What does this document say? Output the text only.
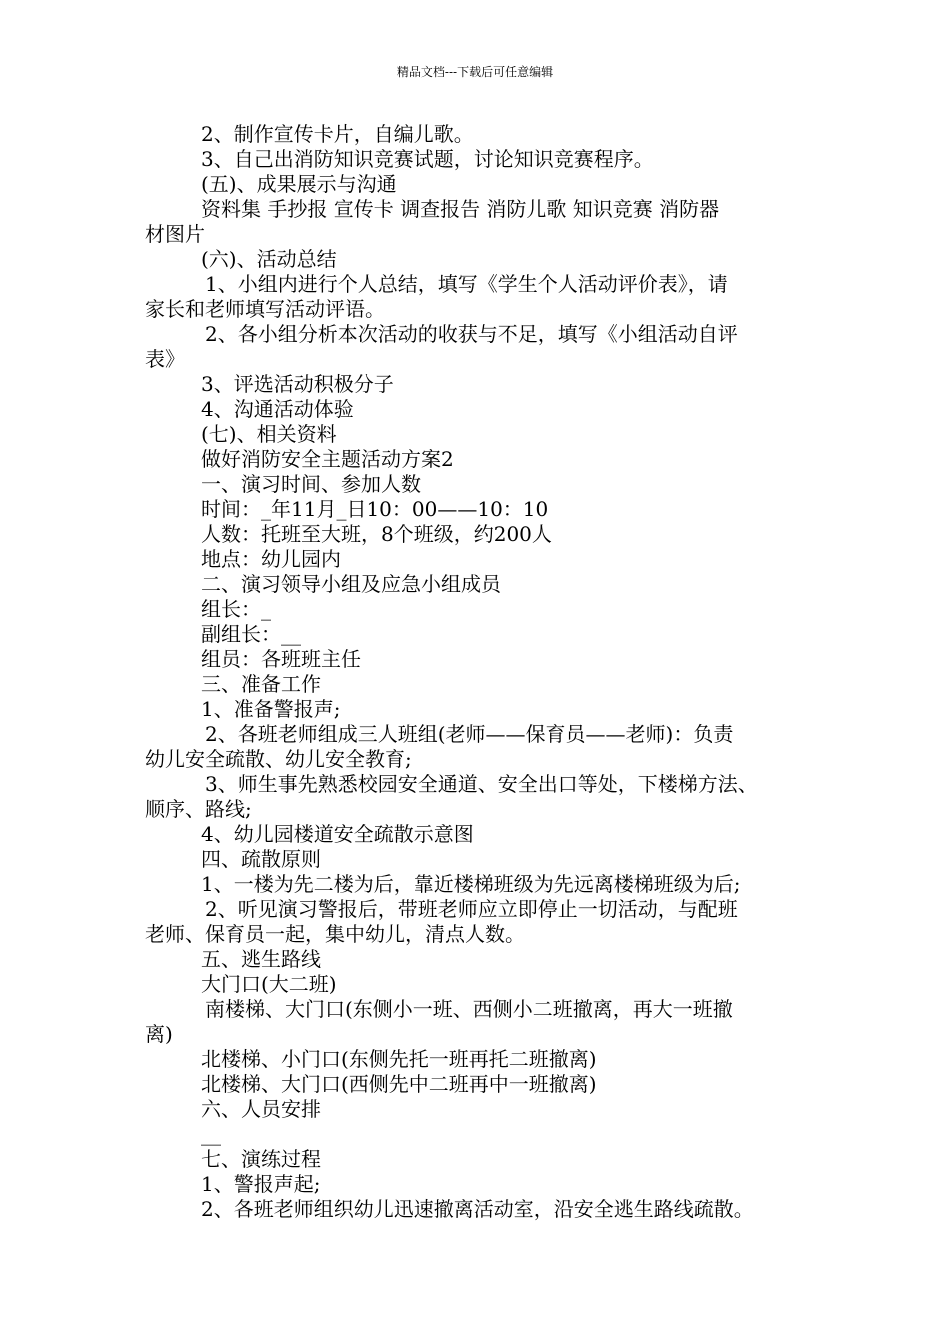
精品文档---下载后可任意编辑
2、制作宣传卡片，自编儿歌。
3、自己出消防知识竞赛试题，讨论知识竞赛程序。
(五)、成果展示与沟通
资料集 手抄报 宣传卡 调查报告 消防儿歌 知识竞赛 消防器
材图片
(六)、活动总结
1、小组内进行个人总结，填写《学生个人活动评价表》，请
家长和老师填写活动评语。
2、各小组分析本次活动的收获与不足，填写《小组活动自评
表》
3、评选活动积极分子
4、沟通活动体验
(七)、相关资料
做好消防安全主题活动方案2
一、演习时间、参加人数
时间：_年11月_日10：00——10：10
人数：托班至大班，8个班级，约200人
地点：幼儿园内
二、演习领导小组及应急小组成员
组长：_
副组长：__
组员：各班班主任
三、准备工作
1、准备警报声;
2、各班老师组成三人班组(老师——保育员——老师)：负责
幼儿安全疏散、幼儿安全教育;
3、师生事先熟悉校园安全通道、安全出口等处，下楼梯方法、
顺序、路线;
4、幼儿园楼道安全疏散示意图
四、疏散原则
1、一楼为先二楼为后，靠近楼梯班级为先远离楼梯班级为后;
2、听见演习警报后，带班老师应立即停止一切活动，与配班
老师、保育员一起，集中幼儿，清点人数。
五、逃生路线
大门口(大二班)
南楼梯、大门口(东侧小一班、西侧小二班撤离，再大一班撤
离)
北楼梯、小门口(东侧先托一班再托二班撤离)
北楼梯、大门口(西侧先中二班再中一班撤离)
六、人员安排
__
七、演练过程
1、警报声起;
2、各班老师组织幼儿迅速撤离活动室，沿安全逃生路线疏散。
